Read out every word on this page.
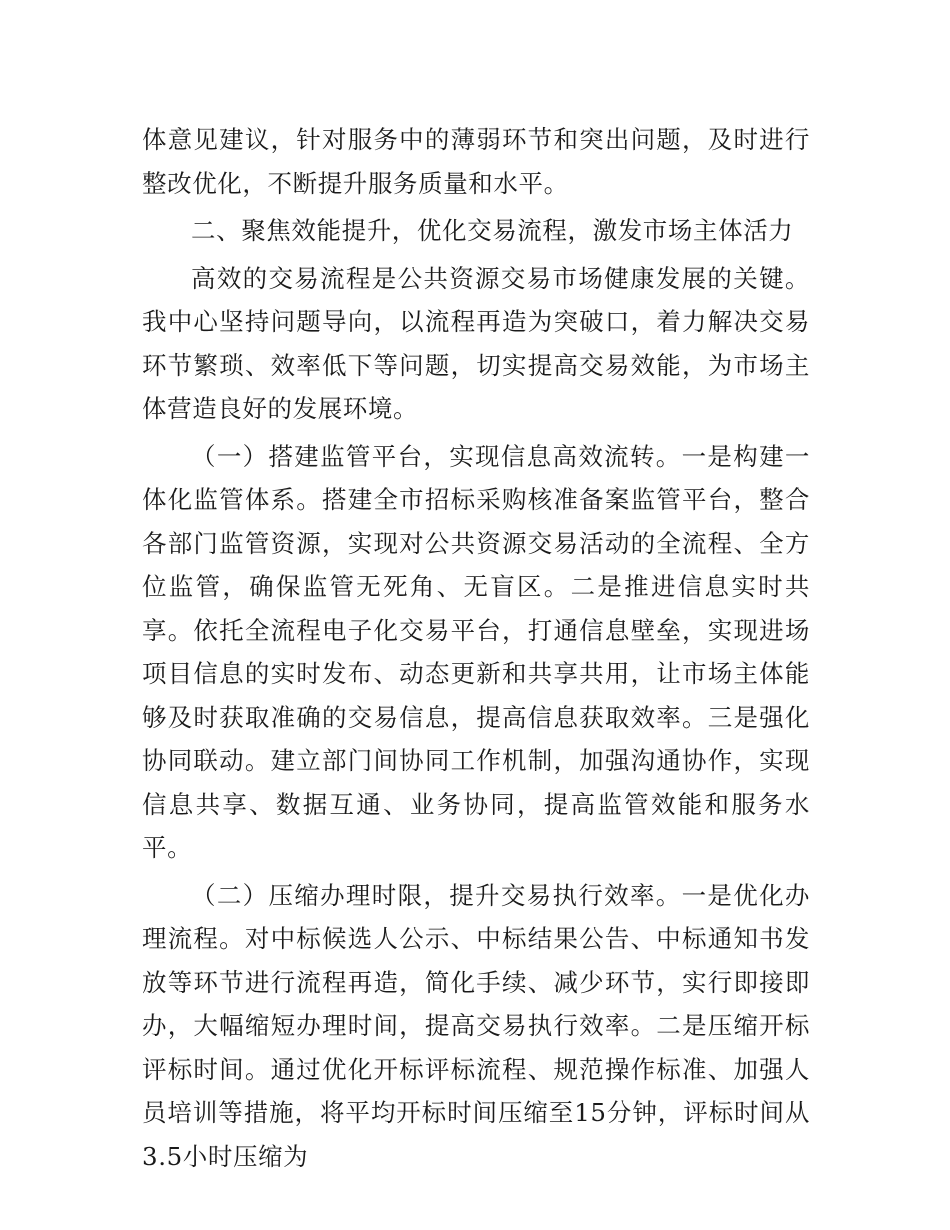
体意见建议，针对服务中的薄弱环节和突出问题，及时进行整改优化，不断提升服务质量和水平。

二、聚焦效能提升，优化交易流程，激发市场主体活力

高效的交易流程是公共资源交易市场健康发展的关键。我中心坚持问题导向，以流程再造为突破口，着力解决交易环节繁琐、效率低下等问题，切实提高交易效能，为市场主体营造良好的发展环境。

（一）搭建监管平台，实现信息高效流转。一是构建一体化监管体系。搭建全市招标采购核准备案监管平台，整合各部门监管资源，实现对公共资源交易活动的全流程、全方位监管，确保监管无死角、无盲区。二是推进信息实时共享。依托全流程电子化交易平台，打通信息壁垒，实现进场项目信息的实时发布、动态更新和共享共用，让市场主体能够及时获取准确的交易信息，提高信息获取效率。三是强化协同联动。建立部门间协同工作机制，加强沟通协作，实现信息共享、数据互通、业务协同，提高监管效能和服务水平。

（二）压缩办理时限，提升交易执行效率。一是优化办理流程。对中标候选人公示、中标结果公告、中标通知书发放等环节进行流程再造，简化手续、减少环节，实行即接即办，大幅缩短办理时间，提高交易执行效率。二是压缩开标评标时间。通过优化开标评标流程、规范操作标准、加强人员培训等措施，将平均开标时间压缩至15分钟，评标时间从3.5小时压缩为
